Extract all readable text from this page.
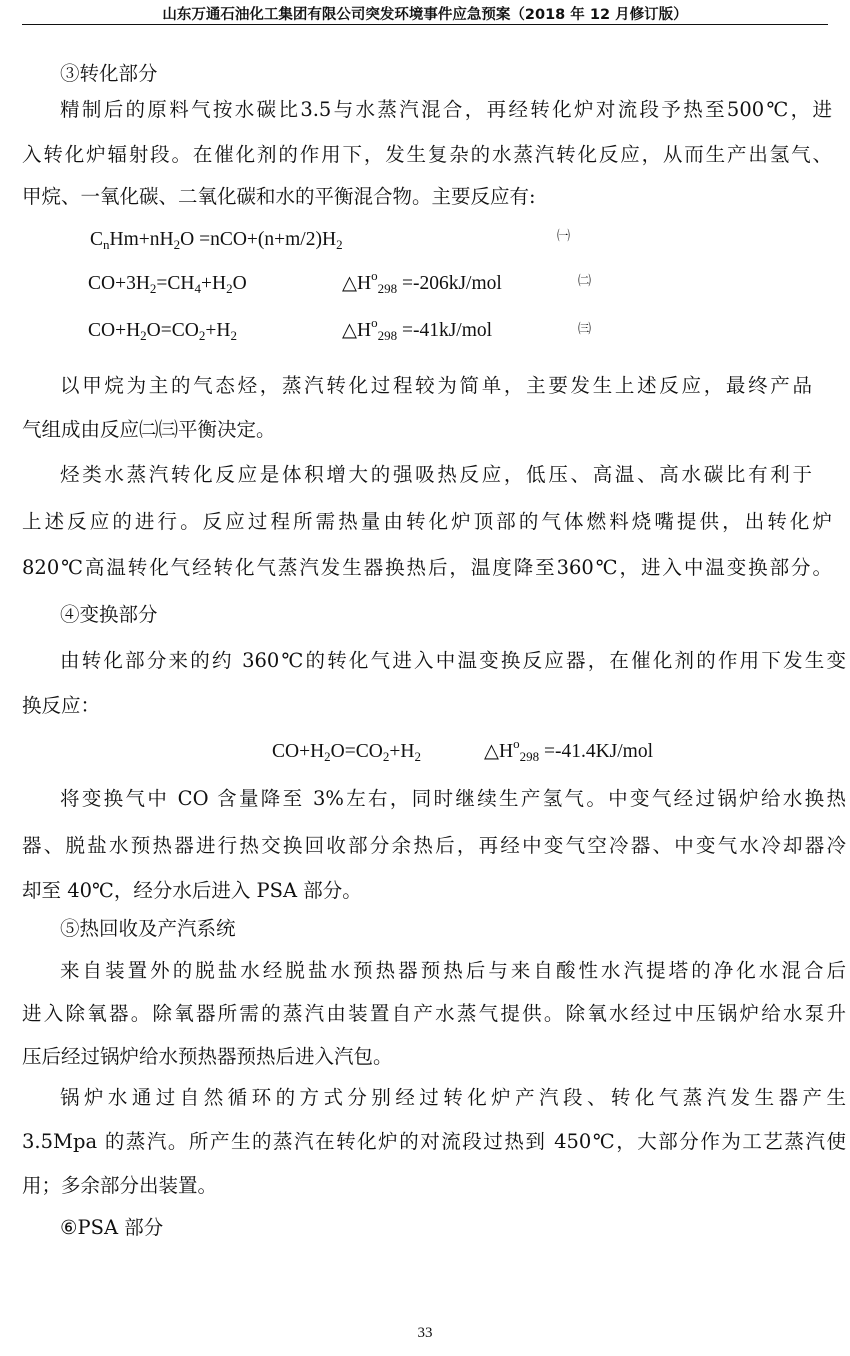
山东万通石油化工集团有限公司突发环境事件应急预案（2018 年 12 月修订版）
③转化部分
精制后的原料气按水碳比3.5与水蒸汽混合，再经转化炉对流段予热至500℃，进
入转化炉辐射段。在催化剂的作用下，发生复杂的水蒸汽转化反应，从而生产出氢气、
甲烷、一氧化碳、二氧化碳和水的平衡混合物。主要反应有:
$C_nHm+nH_2O =nCO+(n+m/2)H_2$
㈠
$CO+3H_2=CH_4+H_2O$	$\triangle H^o_{298} =-206kJ/mol$	㈡
$CO+H_2O=CO_2+H_2$	$\triangle H^o_{298} =-41kJ/mol$	㈢
以甲烷为主的气态烃，蒸汽转化过程较为简单，主要发生上述反应，最终产品
气组成由反应㈡㈢平衡决定。
烃类水蒸汽转化反应是体积增大的强吸热反应，低压、高温、高水碳比有利于
上述反应的进行。反应过程所需热量由转化炉顶部的气体燃料烧嘴提供，出转化炉
820℃高温转化气经转化气蒸汽发生器换热后，温度降至360℃，进入中温变换部分。
④变换部分
由转化部分来的约 360℃的转化气进入中温变换反应器，在催化剂的作用下发生变
换反应：
$CO+H_2O=CO_2+H_2$	$\triangle H^o_{298} =-41.4KJ/mol$
将变换气中 CO 含量降至 3%左右，同时继续生产氢气。中变气经过锅炉给水换热
器、脱盐水预热器进行热交换回收部分余热后，再经中变气空冷器、中变气水冷却器冷
却至 40℃，经分水后进入 PSA 部分。
⑤热回收及产汽系统
来自装置外的脱盐水经脱盐水预热器预热后与来自酸性水汽提塔的净化水混合后
进入除氧器。除氧器所需的蒸汽由装置自产水蒸气提供。除氧水经过中压锅炉给水泵升
压后经过锅炉给水预热器预热后进入汽包。
锅炉水通过自然循环的方式分别经过转化炉产汽段、转化气蒸汽发生器产生
3.5Mpa 的蒸汽。所产生的蒸汽在转化炉的对流段过热到 450℃，大部分作为工艺蒸汽使
用；多余部分出装置。
⑥PSA 部分
33
